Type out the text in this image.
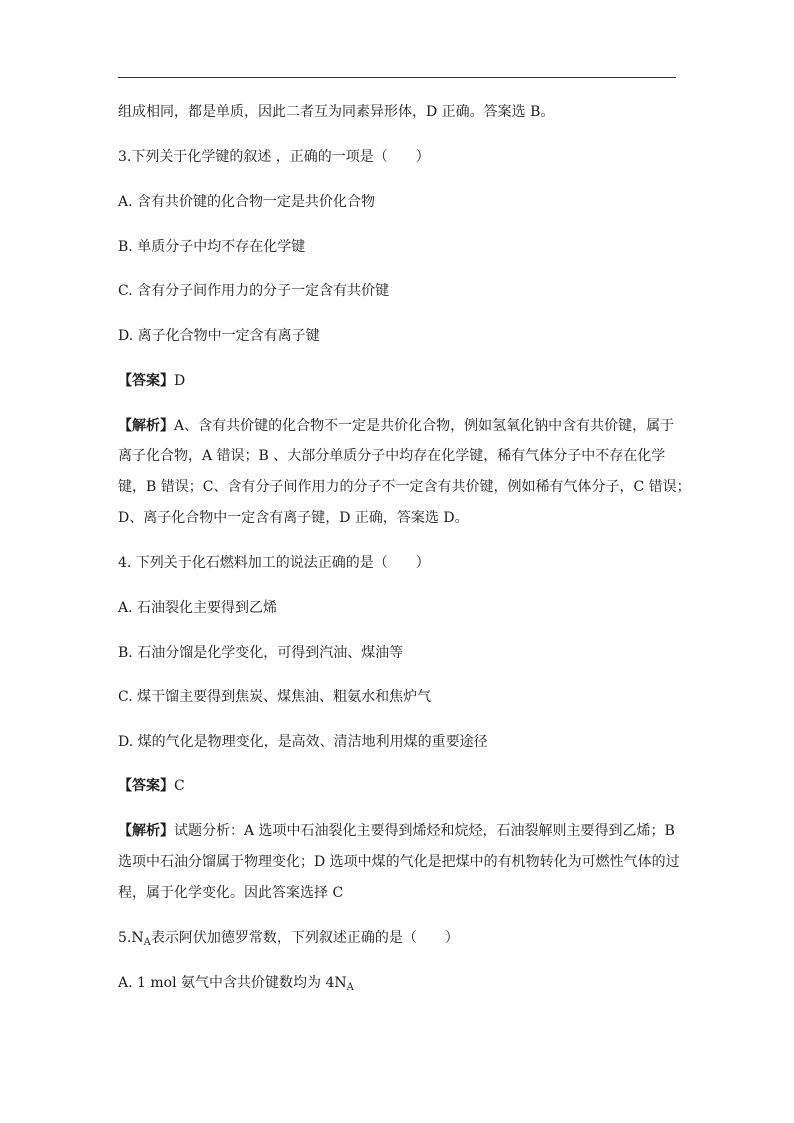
组成相同，都是单质，因此二者互为同素异形体，D 正确。答案选 B。
3.下列关于化学键的叙述 ，正确的一项是（　　）
A. 含有共价键的化合物一定是共价化合物
B. 单质分子中均不存在化学键
C. 含有分子间作用力的分子一定含有共价键
D. 离子化合物中一定含有离子键
【答案】D
【解析】A、含有共价键的化合物不一定是共价化合物，例如氢氧化钠中含有共价键，属于
离子化合物，A 错误；B 、大部分单质分子中均存在化学键，稀有气体分子中不存在化学
键，B 错误；C、含有分子间作用力的分子不一定含有共价键，例如稀有气体分子，C 错误；
D、离子化合物中一定含有离子键，D 正确，答案选 D。
4. 下列关于化石燃料加工的说法正确的是（　　）
A. 石油裂化主要得到乙烯
B. 石油分馏是化学变化，可得到汽油、煤油等
C. 煤干馏主要得到焦炭、煤焦油、粗氨水和焦炉气
D. 煤的气化是物理变化，是高效、清洁地利用煤的重要途径
【答案】C
【解析】试题分析：A 选项中石油裂化主要得到烯烃和烷烃，石油裂解则主要得到乙烯；B
选项中石油分馏属于物理变化；D 选项中煤的气化是把煤中的有机物转化为可燃性气体的过
程，属于化学变化。因此答案选择 C
$5.N_A$表示阿伏加德罗常数，下列叙述正确的是（　　）
A. 1 mol 氨气中含共价键数均为 $4N_A$
